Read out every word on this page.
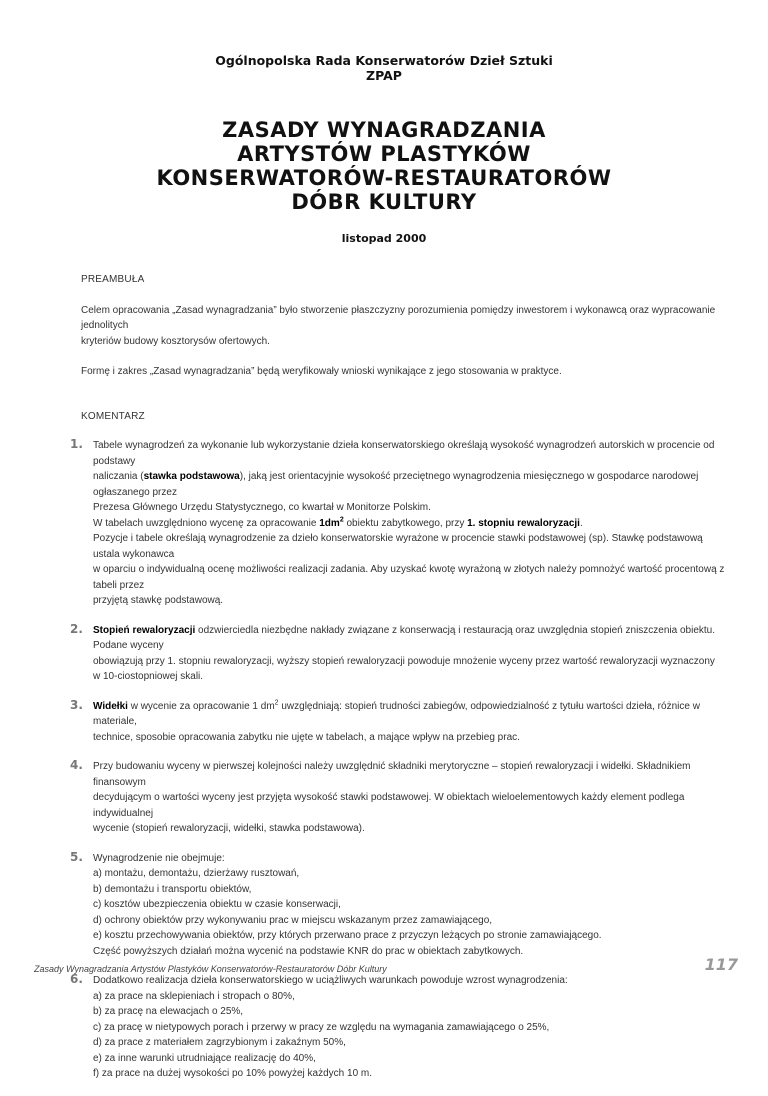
Ogólnopolska Rada Konserwatorów Dzieł Sztuki
ZPAP
ZASADY WYNAGRADZANIA
ARTYSTÓW PLASTYKÓW
KONSERWATORÓW-RESTAURATORÓW
DÓBR KULTURY
listopad 2000
PREAMBUŁA

Celem opracowania „Zasad wynagradzania” było stworzenie płaszczyzny porozumienia pomiędzy inwestorem i wykonawcą oraz wypracowanie jednolitych
kryteriów budowy kosztorysów ofertowych.

Formę i zakres „Zasad wynagradzania” będą weryfikowały wnioski wynikające z jego stosowania w praktyce.

KOMENTARZ
1. Tabele wynagrodzeń za wykonanie lub wykorzystanie dzieła konserwatorskiego określają wysokość wynagrodzeń autorskich w procencie od podstawy
naliczania (stawka podstawowa), jaką jest orientacyjnie wysokość przeciętnego wynagrodzenia miesięcznego w gospodarce narodowej ogłaszanego przez
Prezesa Głównego Urzędu Statystycznego, co kwartał w Monitorze Polskim.
W tabelach uwzględniono wycenę za opracowanie $1dm^2$ obiektu zabytkowego, przy 1. stopniu rewaloryzacji.
Pozycje i tabele określają wynagrodzenie za dzieło konserwatorskie wyrażone w procencie stawki podstawowej (sp). Stawkę podstawową ustala wykonawca
w oparciu o indywidualną ocenę możliwości realizacji zadania. Aby uzyskać kwotę wyrażoną w złotych należy pomnożyć wartość procentową z tabeli przez
przyjętą stawkę podstawową.
2. Stopień rewaloryzacji odzwierciedla niezbędne nakłady związane z konserwacją i restauracją oraz uwzględnia stopień zniszczenia obiektu. Podane wyceny
obowiązują przy 1. stopniu rewaloryzacji, wyższy stopień rewaloryzacji powoduje mnożenie wyceny przez wartość rewaloryzacji wyznaczony
w 10-ciostopniowej skali.
3. Widełki w wycenie za opracowanie 1 $dm^2$ uwzględniają: stopień trudności zabiegów, odpowiedzialność z tytułu wartości dzieła, różnice w materiale,
technice, sposobie opracowania zabytku nie ujęte w tabelach, a mające wpływ na przebieg prac.
4. Przy budowaniu wyceny w pierwszej kolejności należy uwzględnić składniki merytoryczne – stopień rewaloryzacji i widełki. Składnikiem finansowym
decydującym o wartości wyceny jest przyjęta wysokość stawki podstawowej. W obiektach wieloelementowych każdy element podlega indywidualnej
wycenie (stopień rewaloryzacji, widełki, stawka podstawowa).
5. Wynagrodzenie nie obejmuje:
a) montażu, demontażu, dzierżawy rusztowań,
b) demontażu i transportu obiektów,
c) kosztów ubezpieczenia obiektu w czasie konserwacji,
d) ochrony obiektów przy wykonywaniu prac w miejscu wskazanym przez zamawiającego,
e) kosztu przechowywania obiektów, przy których przerwano prace z przyczyn leżących po stronie zamawiającego.
Część powyższych działań można wycenić na podstawie KNR do prac w obiektach zabytkowych.
6. Dodatkowo realizacja dzieła konserwatorskiego w uciążliwych warunkach powoduje wzrost wynagrodzenia:
a) za prace na sklepieniach i stropach o 80%,
b) za pracę na elewacjach o 25%,
c) za pracę w nietypowych porach i przerwy w pracy ze względu na wymagania zamawiającego o 25%,
d) za prace z materiałem zagrzybionym i zakaźnym 50%,
e) za inne warunki utrudniające realizację do 40%,
f) za prace na dużej wysokości po 10% powyżej każdych 10 m.
Zasady Wynagradzania Artystów Plastyków Konserwatorów-Restauratorów Dóbr Kultury	117
